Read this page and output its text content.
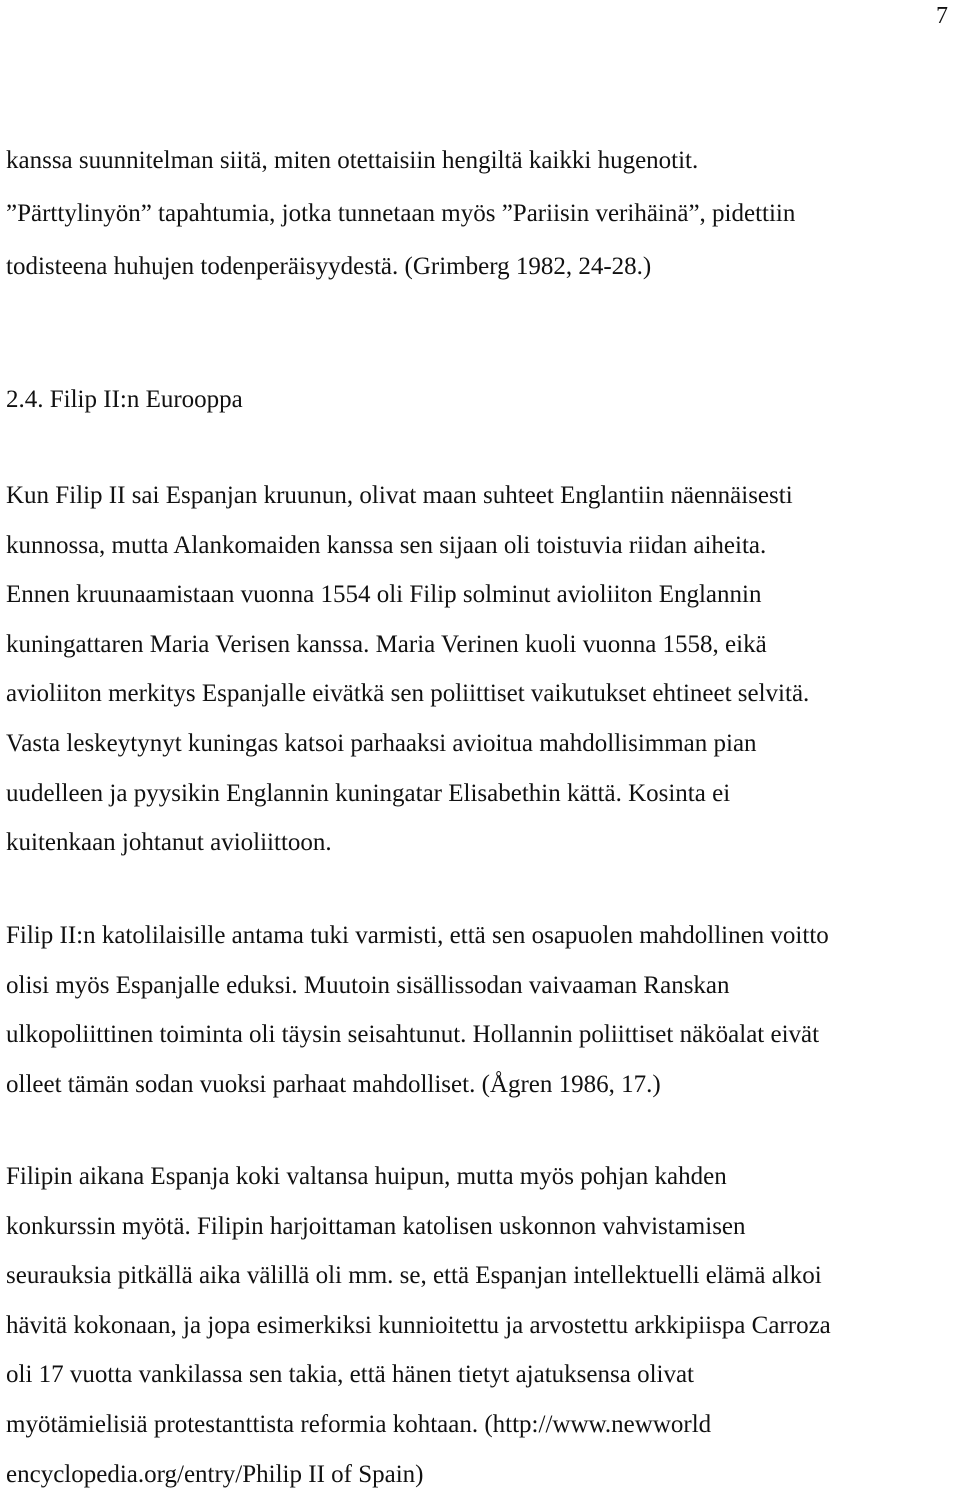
7
kanssa suunnitelman siitä, miten otettaisiin hengiltä kaikki hugenotit.
”Pärttylinyön” tapahtumia, jotka tunnetaan myös ”Pariisin verihäinä”, pidettiin
todisteena huhujen todenperäisyydestä. (Grimberg 1982, 24-28.)
2.4. Filip II:n Eurooppa
Kun Filip II sai Espanjan kruunun, olivat maan suhteet Englantiin näennäisesti
kunnossa, mutta Alankomaiden kanssa sen sijaan oli toistuvia riidan aiheita.
Ennen kruunaamistaan vuonna 1554 oli Filip solminut avioliiton Englannin
kuningattaren Maria Verisen kanssa. Maria Verinen kuoli vuonna 1558, eikä
avioliiton merkitys Espanjalle eivätkä sen poliittiset vaikutukset ehtineet selvitä.
Vasta leskeytynyt kuningas katsoi parhaaksi avioitua mahdollisimman pian
uudelleen ja pyysikin Englannin kuningatar Elisabethin kättä. Kosinta ei
kuitenkaan johtanut avioliittoon.
Filip II:n katolilaisille antama tuki varmisti, että sen osapuolen mahdollinen voitto
olisi myös Espanjalle eduksi. Muutoin sisällissodan vaivaaman Ranskan
ulkopoliittinen toiminta oli täysin seisahtunut. Hollannin poliittiset näköalat eivät
olleet tämän sodan vuoksi parhaat mahdolliset. (Ågren 1986, 17.)
Filipin aikana Espanja koki valtansa huipun, mutta myös pohjan kahden
konkurssin myötä. Filipin harjoittaman katolisen uskonnon vahvistamisen
seurauksia pitkällä aika välillä oli mm. se, että Espanjan intellektuelli elämä alkoi
hävitä kokonaan, ja jopa esimerkiksi kunnioitettu ja arvostettu arkkipiispa Carroza
oli 17 vuotta vankilassa sen takia, että hänen tietyt ajatuksensa olivat
myötämielisiä protestanttista reformia kohtaan. (http://www.newworld
encyclopedia.org/entry/Philip II of Spain)
